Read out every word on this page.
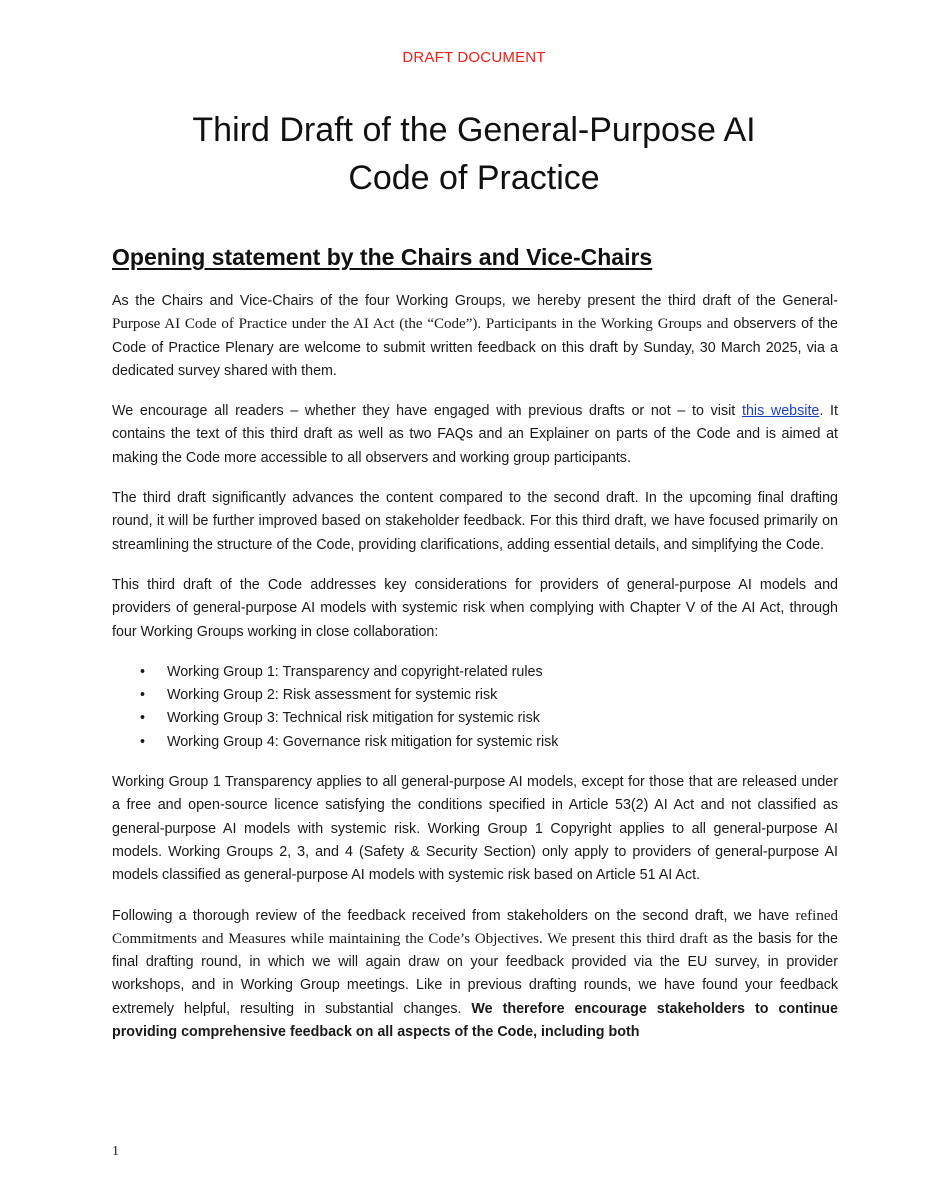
DRAFT DOCUMENT
Third Draft of the General-Purpose AI
Code of Practice
Opening statement by the Chairs and Vice-Chairs

As the Chairs and Vice-Chairs of the four Working Groups, we hereby present the third draft of the General- Purpose AI Code of Practice under the AI Act (the “Code”). Participants in the Working Groups and observers of the Code of Practice Plenary are welcome to submit written feedback on this draft by Sunday, 30 March 2025, via a dedicated survey shared with them.

We encourage all readers – whether they have engaged with previous drafts or not – to visit this website. It contains the text of this third draft as well as two FAQs and an Explainer on parts of the Code and is aimed at making the Code more accessible to all observers and working group participants.

The third draft significantly advances the content compared to the second draft. In the upcoming final drafting round, it will be further improved based on stakeholder feedback. For this third draft, we have focused primarily on streamlining the structure of the Code, providing clarifications, adding essential details, and simplifying the Code.

This third draft of the Code addresses key considerations for providers of general-purpose AI models and providers of general-purpose AI models with systemic risk when complying with Chapter V of the AI Act, through four Working Groups working in close collaboration:

• Working Group 1: Transparency and copyright-related rules
• Working Group 2: Risk assessment for systemic risk
• Working Group 3: Technical risk mitigation for systemic risk
• Working Group 4: Governance risk mitigation for systemic risk

Working Group 1 Transparency applies to all general-purpose AI models, except for those that are released under a free and open-source licence satisfying the conditions specified in Article 53(2) AI Act and not classified as general-purpose AI models with systemic risk. Working Group 1 Copyright applies to all general-purpose AI models. Working Groups 2, 3, and 4 (Safety & Security Section) only apply to providers of general-purpose AI models classified as general-purpose AI models with systemic risk based on Article 51 AI Act.

Following a thorough review of the feedback received from stakeholders on the second draft, we have refined Commitments and Measures while maintaining the Code’s Objectives. We present this third draft as the basis for the final drafting round, in which we will again draw on your feedback provided via the EU survey, in provider workshops, and in Working Group meetings. Like in previous drafting rounds, we have found your feedback extremely helpful, resulting in substantial changes. We therefore encourage stakeholders to continue providing comprehensive feedback on all aspects of the Code, including both

1
